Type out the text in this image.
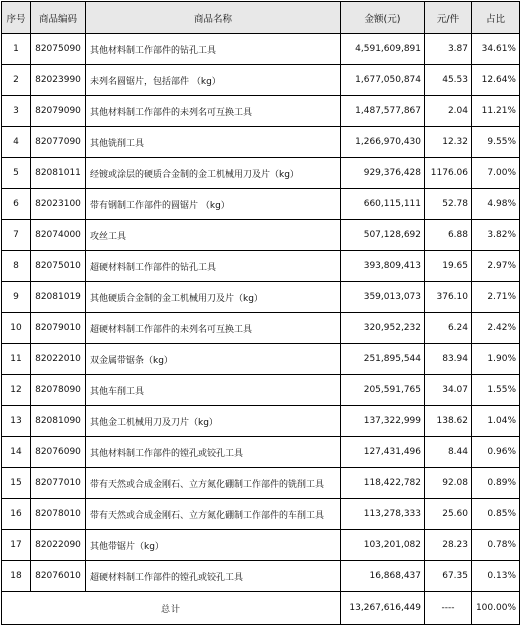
序号	商品编码	商品名称	金额(元)	元/件	占比
1	82075090	其他材料制工作部件的钻孔工具	4,591,609,891	3.87	34.61%
2	82023990	未列名圆锯片，包括部件 （kg）	1,677,050,874	45.53	12.64%
3	82079090	其他材料制工作部件的未列名可互换工具	1,487,577,867	2.04	11.21%
4	82077090	其他铣削工具	1,266,970,430	12.32	9.55%
5	82081011	经镀或涂层的硬质合金制的金工机械用刀及片（kg）	929,376,428	1176.06	7.00%
6	82023100	带有钢制工作部件的圆锯片 （kg）	660,115,111	52.78	4.98%
7	82074000	攻丝工具	507,128,692	6.88	3.82%
8	82075010	超硬材料制工作部件的钻孔工具	393,809,413	19.65	2.97%
9	82081019	其他硬质合金制的金工机械用刀及片（kg）	359,013,073	376.10	2.71%
10	82079010	超硬材料制工作部件的未列名可互换工具	320,952,232	6.24	2.42%
11	82022010	双金属带锯条（kg）	251,895,544	83.94	1.90%
12	82078090	其他车削工具	205,591,765	34.07	1.55%
13	82081090	其他金工机械用刀及刀片（kg）	137,322,999	138.62	1.04%
14	82076090	其他材料制工作部件的镗孔或铰孔工具	127,431,496	8.44	0.96%
15	82077010	带有天然或合成金刚石、立方氮化硼制工作部件的铣削工具	118,422,782	92.08	0.89%
16	82078010	带有天然或合成金刚石、立方氮化硼制工作部件的车削工具	113,278,333	25.60	0.85%
17	82022090	其他带锯片（kg）	103,201,082	28.23	0.78%
18	82076010	超硬材料制工作部件的镗孔或铰孔工具	16,868,437	67.35	0.13%
总计			13,267,616,449	----	100.00%
